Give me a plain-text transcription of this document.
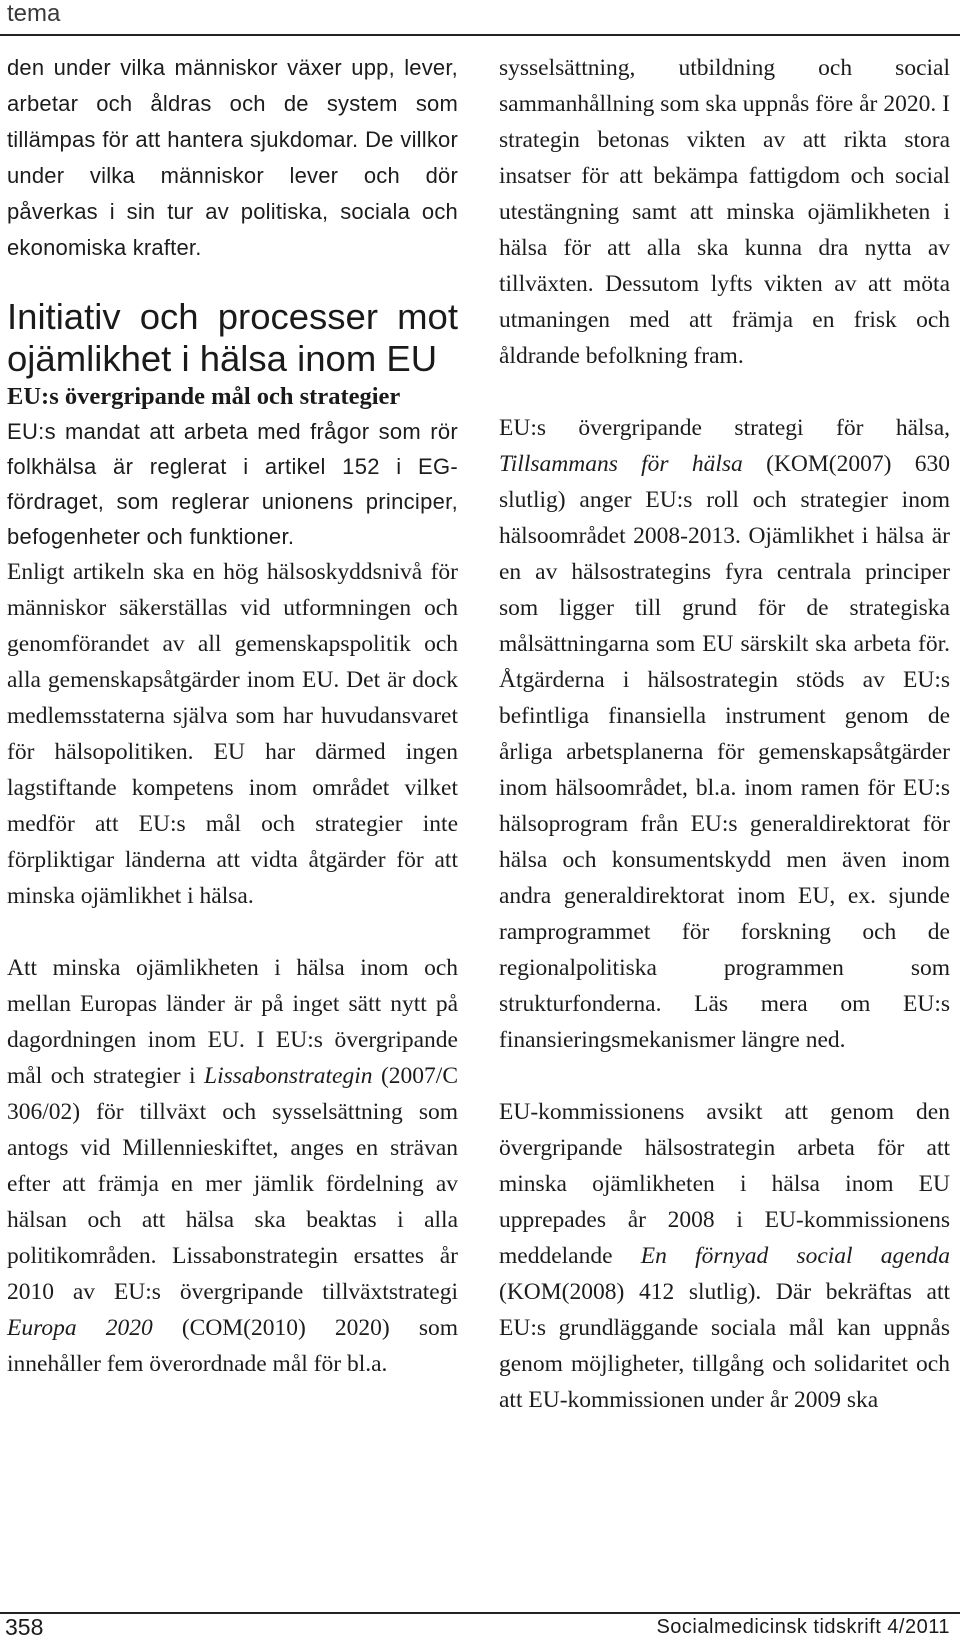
tema

den under vilka människor växer upp, lever, arbetar och åldras och de system som tillämpas för att hantera sjukdomar. De villkor under vilka människor lever och dör påverkas i sin tur av politiska, sociala och ekonomiska krafter.

Initiativ och processer mot ojämlikhet i hälsa inom EU
EU:s övergripande mål och strategier

EU:s mandat att arbeta med frågor som rör folkhälsa är reglerat i artikel 152 i EG-fördraget, som reglerar unionens principer, befogenheter och funktioner.

Enligt artikeln ska en hög hälsoskyddsnivå för människor säkerställas vid utformningen och genomförandet av all gemenskapspolitik och alla gemenskapsåtgärder inom EU. Det är dock medlemsstaterna själva som har huvudansvaret för hälsopolitiken. EU har därmed ingen lagstiftande kompetens inom området vilket medför att EU:s mål och strategier inte förpliktigar länderna att vidta åtgärder för att minska ojämlikhet i hälsa.

Att minska ojämlikheten i hälsa inom och mellan Europas länder är på inget sätt nytt på dagordningen inom EU. I EU:s övergripande mål och strategier i Lissabonstrategin (2007/C 306/02) för tillväxt och sysselsättning som antogs vid Millennieskiftet, anges en strävan efter att främja en mer jämlik fördelning av hälsan och att hälsa ska beaktas i alla politikområden. Lissabonstrategin ersattes år 2010 av EU:s övergripande tillväxtstrategi Europa 2020 (COM(2010) 2020) som innehåller fem överordnade mål för bl.a.

sysselsättning, utbildning och social sammanhållning som ska uppnås före år 2020. I strategin betonas vikten av att rikta stora insatser för att bekämpa fattigdom och social utestängning samt att minska ojämlikheten i hälsa för att alla ska kunna dra nytta av tillväxten. Dessutom lyfts vikten av att möta utmaningen med att främja en frisk och åldrande befolkning fram.

EU:s övergripande strategi för hälsa, Tillsammans för hälsa (KOM(2007) 630 slutlig) anger EU:s roll och strategier inom hälsoområdet 2008-2013. Ojämlikhet i hälsa är en av hälsostrategins fyra centrala principer som ligger till grund för de strategiska målsättningarna som EU särskilt ska arbeta för. Åtgärderna i hälsostrategin stöds av EU:s befintliga finansiella instrument genom de årliga arbetsplanerna för gemenskapsåtgärder inom hälsoområdet, bl.a. inom ramen för EU:s hälsoprogram från EU:s generaldirektorat för hälsa och konsumentskydd men även inom andra generaldirektorat inom EU, ex. sjunde ramprogrammet för forskning och de regionalpolitiska programmen som strukturfonderna. Läs mera om EU:s finansieringsmekanismer längre ned.

EU-kommissionens avsikt att genom den övergripande hälsostrategin arbeta för att minska ojämlikheten i hälsa inom EU upprepades år 2008 i EU-kommissionens meddelande En förnyad social agenda (KOM(2008) 412 slutlig). Där bekräftas att EU:s grundläggande sociala mål kan uppnås genom möjligheter, tillgång och solidaritet och att EU-kommissionen under år 2009 ska

358	Socialmedicinsk tidskrift 4/2011
